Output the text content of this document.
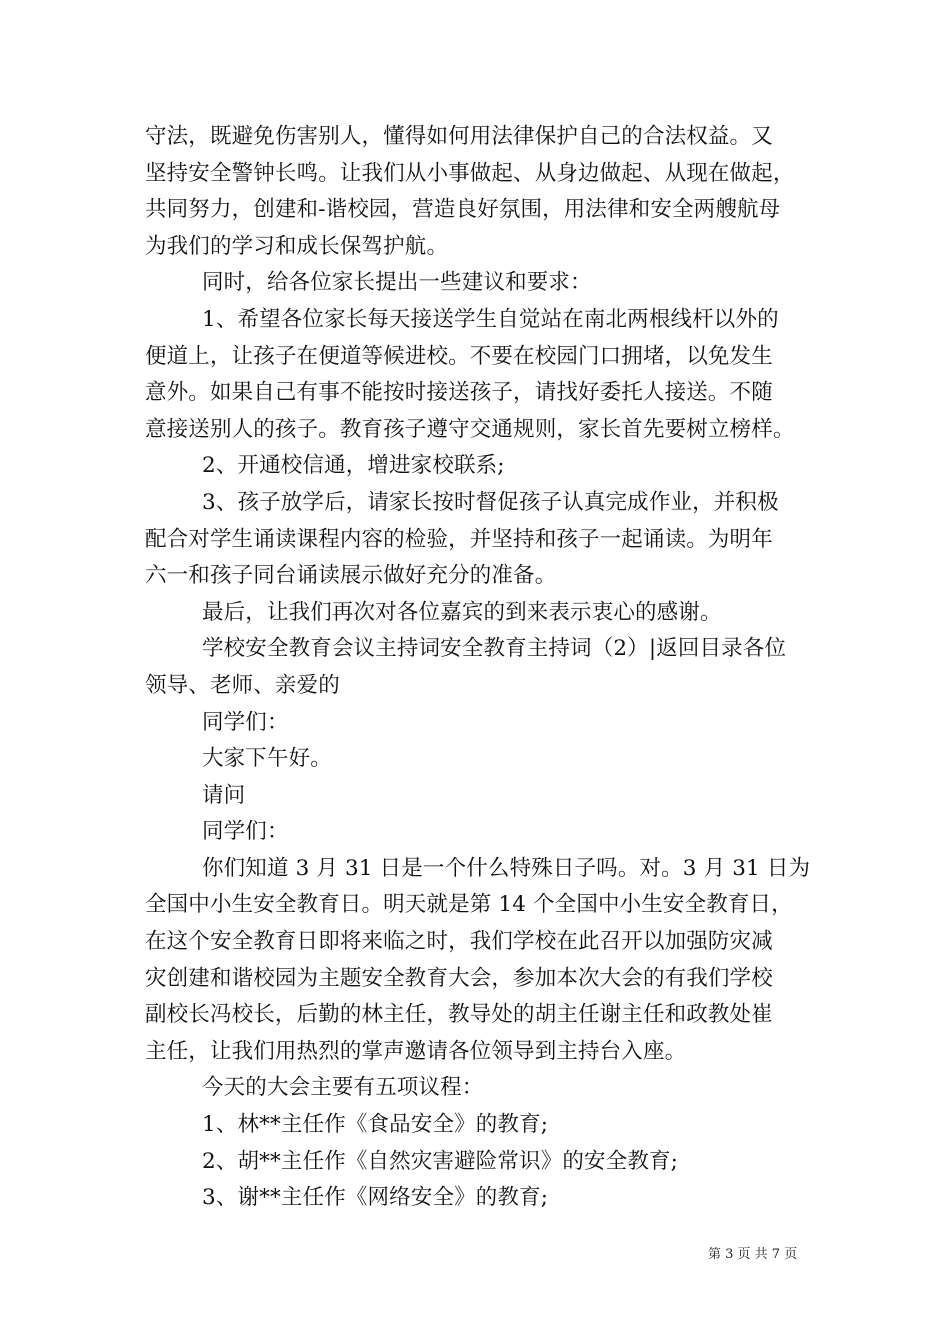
守法，既避免伤害别人，懂得如何用法律保护自己的合法权益。又
坚持安全警钟长鸣。让我们从小事做起、从身边做起、从现在做起，
共同努力，创建和-谐校园，营造良好氛围，用法律和安全两艘航母
为我们的学习和成长保驾护航。
同时，给各位家长提出一些建议和要求：
1、希望各位家长每天接送学生自觉站在南北两根线杆以外的
便道上，让孩子在便道等候进校。不要在校园门口拥堵，以免发生
意外。如果自己有事不能按时接送孩子，请找好委托人接送。不随
意接送别人的孩子。教育孩子遵守交通规则，家长首先要树立榜样。
2、开通校信通，增进家校联系;
3、孩子放学后，请家长按时督促孩子认真完成作业，并积极
配合对学生诵读课程内容的检验，并坚持和孩子一起诵读。为明年
六一和孩子同台诵读展示做好充分的准备。
最后，让我们再次对各位嘉宾的到来表示衷心的感谢。
学校安全教育会议主持词安全教育主持词（2）|返回目录各位
领导、老师、亲爱的
同学们：
大家下午好。
请问
同学们：
你们知道 3 月 31 日是一个什么特殊日子吗。对。3 月 31 日为
全国中小生安全教育日。明天就是第 14 个全国中小生安全教育日，
在这个安全教育日即将来临之时，我们学校在此召开以加强防灾减
灾创建和谐校园为主题安全教育大会，参加本次大会的有我们学校
副校长冯校长，后勤的林主任，教导处的胡主任谢主任和政教处崔
主任，让我们用热烈的掌声邀请各位领导到主持台入座。
今天的大会主要有五项议程：
1、林**主任作《食品安全》的教育;
2、胡**主任作《自然灾害避险常识》的安全教育;
3、谢**主任作《网络安全》的教育;
第 3 页 共 7 页
